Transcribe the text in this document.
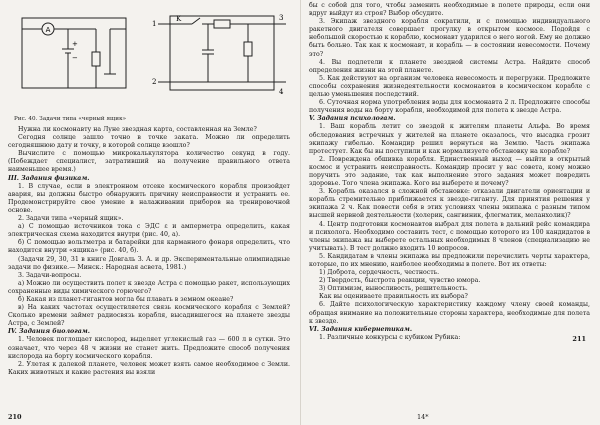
A
+
−
1
2
3
4
K
Рис. 40. Задачи типа «черный ящик»

Нужна ли космонавту на Луне звездная карта, составленная на Земле?

Сегодня солнце зашло точно в точке заката. Можно ли определить сегодняшнюю дату и точку, в которой солнце взошло?

Вычислите с помощью микрокалькулятора количество секунд в году. (Побеждает специалист, затративший на получение правильного ответа наименьшее время.)

III. Задания физикам.

1. В случае, если в электронном отсеке космического корабля произойдет авария, вы должны быстро обнаружить причину неисправности и устранить ее. Продемонстрируйте свое умение в налаживании приборов на тренировочной основе.

2. Задачи типа «черный ящик».

а) С помощью источников тока с ЭДС ε и амперметра определить, какая электрическая схема находится внутри (рис. 40, а).

б) С помощью вольтметра и батарейки для карманного фонаря определить, что находится внутри «ящика» (рис. 40, б).

(Задачи 29, 30, 31 в книге Довгаль З. А. и др. Экспериментальные олимпиадные задачи по физике.— Минск.: Народная асвета, 1981.)

3. Задачи-вопросы.

а) Можно ли осуществить полет к звезде Астра с помощью ракет, использующих сохраненные виды химического горючего?

б) Какая из планет-гигантов могла бы плавать в земном океане?

в) На каких частотах осуществляется связь космического корабля с Землей? Сколько времени займет радиосвязь корабля, высадившегося на планете звезды Астра, с Землей?

IV. Задания биологам.

1. Человек поглощает кислород, выделяет углекислый газ — 600 л в сутки. Это означает, что через 48 ч жизни не станет жить. Предложите способ получения кислорода на борту космического корабля.

2. Улетая к далекой планете, человек может взять самое необходимое с Земли. Каких животных и какие растения вы взяли

210

бы с собой для того, чтобы заменить необходимые в полете природы, если они вдруг выйдут из строя? Выбор обсудите.

3. Экипаж звездного корабля сократили, и с помощью индивидуального ракетного двигателя совершает прогулку в открытом космосе. Подойдя с небольшой скоростью к кораблю, космонавт ударился о него ногой. Ему не должно быть больно. Так как к космонавт, и корабль — в состоянии невесомости. Почему это?

4. Вы подлетели к планете звездной системы Астра. Найдите способ определения жизни на этой планете.

5. Как действуют на организм человека невесомость и перегрузки. Предложите способы сохранения жизнедеятельности космонавтов в космическом корабле с целью уменьшения последствий.

6. Суточная норма употребления воды для космонавта 2 л. Предложите способы получения воды на борту корабля, необходимой для полета к звезде Астра.

V. Задания психологам.

1. Ваш корабль летит со звездой к жителям планеты Альфа. Во время обследования встречных у жителей на планете оказалось, что высадка грозит экипажу гибелью. Командир решил вернуться на Землю. Часть экипажа протестует. Как бы вы поступили и как нормализуете обстановку на корабле?

2. Повреждена обшивка корабля. Единственный выход — выйти в открытый космос и устранить неисправность. Командир просит у вас совета, кому можно поручить это задание, так как выполнение этого задания может повредить здоровье. Того члена экипажа. Кого вы выберете и почему?

3. Корабль оказался в сложной обстановке: отказали двигатели ориентации и корабль стремительно приближается к звезде-гиганту. Для принятия решения у экипажа 2 ч. Как повести себя в этих условиях члены экипажа с разным типом высшей нервной деятельности (холерик, сангвиник, флегматик, меланхолик)?

4. Центр подготовки космонавтов выбрал для полета в дальний рейс командира и психолога. Необходимо составить тест, с помощью которого из 100 кандидатов в члены экипажа вы выберете остальных необходимых 8 членов (специализацию не учитывать). В тест должно входить 10 вопросов.

5. Кандидатам в члены экипажа вы предложили перечислить черты характера, которые, по их мнению, наиболее необходимы в полете. Вот их ответы:

1) Доброта, сердечность, честность.

2) Твердость, быстрота реакции, чувство юмора.

3) Оптимизм, выносливость, решительность.

Как вы оцениваете правильность их выбора?

6. Дайте психологическую характеристику каждому члену своей команды, обращая внимание на положительные стороны характера, необходимые для полета к звезде.

VI. Задания кибернетикам.

1. Различные конкурсы с кубиком Рубика:	211
14*
